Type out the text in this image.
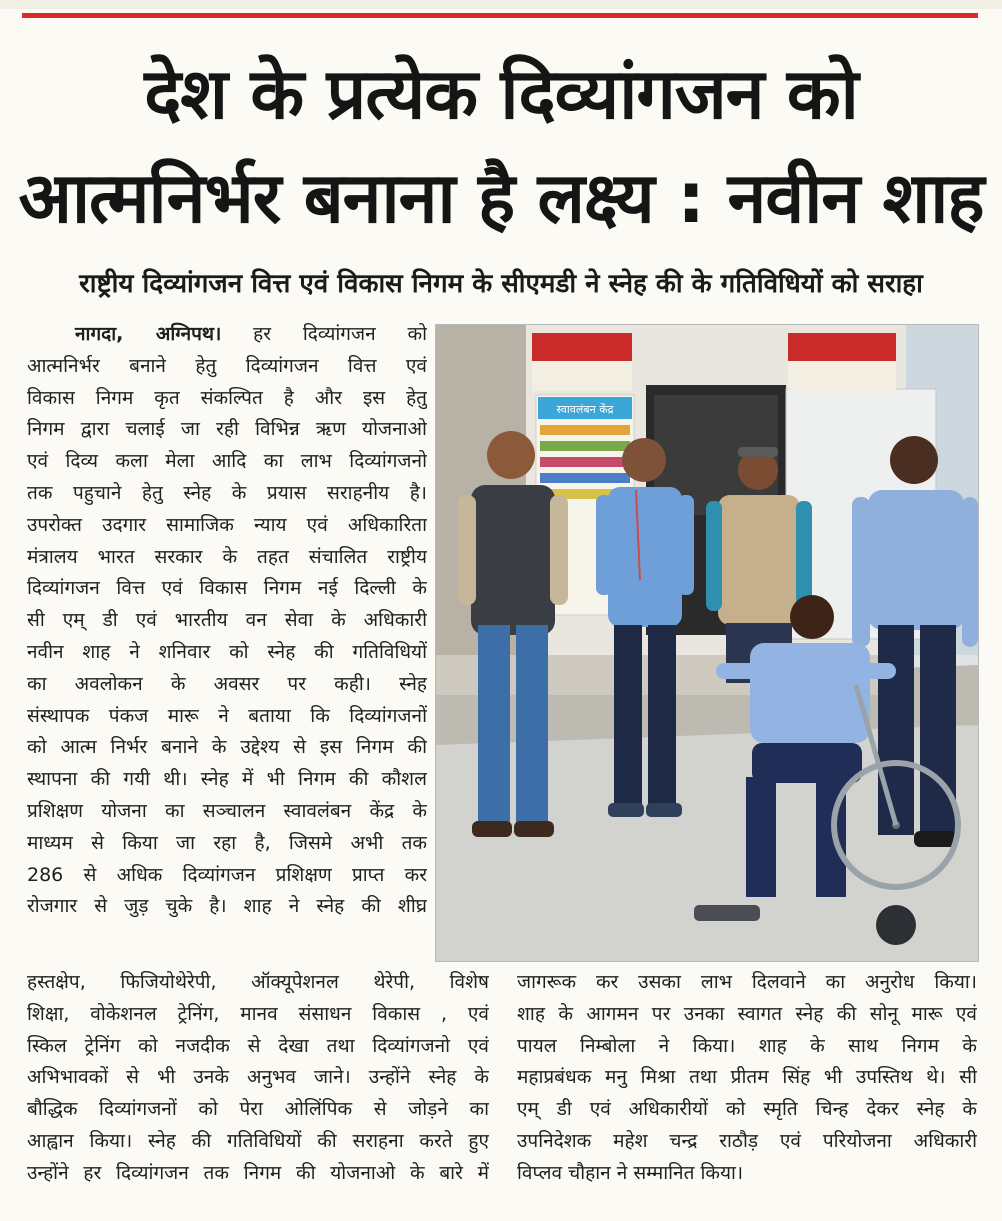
देश के प्रत्येक दिव्यांगजन को
आत्मनिर्भर बनाना है लक्ष्य : नवीन शाह
राष्ट्रीय दिव्यांगजन वित्त एवं विकास निगम के सीएमडी ने स्नेह की के गतिविधियों को सराहा
नागदा, अग्निपथ। हर दिव्यांगजन को
आत्मनिर्भर बनाने हेतु दिव्यांगजन वित्त एवं
विकास निगम कृत संकल्पित है और इस हेतु
निगम द्वारा चलाई जा रही विभिन्न ऋण योजनाओ
एवं दिव्य कला मेला आदि का लाभ दिव्यांगजनो
तक पहुचाने हेतु स्नेह के प्रयास सराहनीय है।
उपरोक्त उदगार सामाजिक न्याय एवं अधिकारिता
मंत्रालय भारत सरकार के तहत संचालित राष्ट्रीय
दिव्यांगजन वित्त एवं विकास निगम नई दिल्ली के
सी एम् डी एवं भारतीय वन सेवा के अधिकारी
नवीन शाह ने शनिवार को स्नेह की गतिविधियों
का अवलोकन के अवसर पर कही। स्नेह
संस्थापक पंकज मारू ने बताया कि दिव्यांगजनों
को आत्म निर्भर बनाने के उद्देश्य से इस निगम की
स्थापना की गयी थी। स्नेह में भी निगम की कौशल
प्रशिक्षण योजना का सञ्चालन स्वावलंबन केंद्र के
माध्यम से किया जा रहा है, जिसमे अभी तक
286 से अधिक दिव्यांगजन प्रशिक्षण प्राप्त कर
रोजगार से जुड़ चुके है। शाह ने स्नेह की शीघ्र
स्वावलंबन केंद्र
हस्तक्षेप, फिजियोथेरेपी, ऑक्यूपेशनल थेरेपी, विशेष
शिक्षा, वोकेशनल ट्रेनिंग, मानव संसाधन विकास , एवं
स्किल ट्रेनिंग को नजदीक से देखा तथा दिव्यांगजनो एवं
अभिभावकों से भी उनके अनुभव जाने। उन्होंने स्नेह के
बौद्धिक दिव्यांगजनों को पेरा ओलिंपिक से जोड़ने का
आह्वान किया। स्नेह की गतिविधियों की सराहना करते हुए
उन्होंने हर दिव्यांगजन तक निगम की योजनाओ के बारे में
जागरूक कर उसका लाभ दिलवाने का अनुरोध किया।
शाह के आगमन पर उनका स्वागत स्नेह की सोनू मारू एवं
पायल निम्बोला ने किया। शाह के साथ निगम के
महाप्रबंधक मनु मिश्रा तथा प्रीतम सिंह भी उपस्तिथ थे। सी
एम् डी एवं अधिकारीयों को स्मृति चिन्ह देकर स्नेह के
उपनिदेशक महेश चन्द्र राठौड़ एवं परियोजना अधिकारी
विप्लव चौहान ने सम्मानित किया।
